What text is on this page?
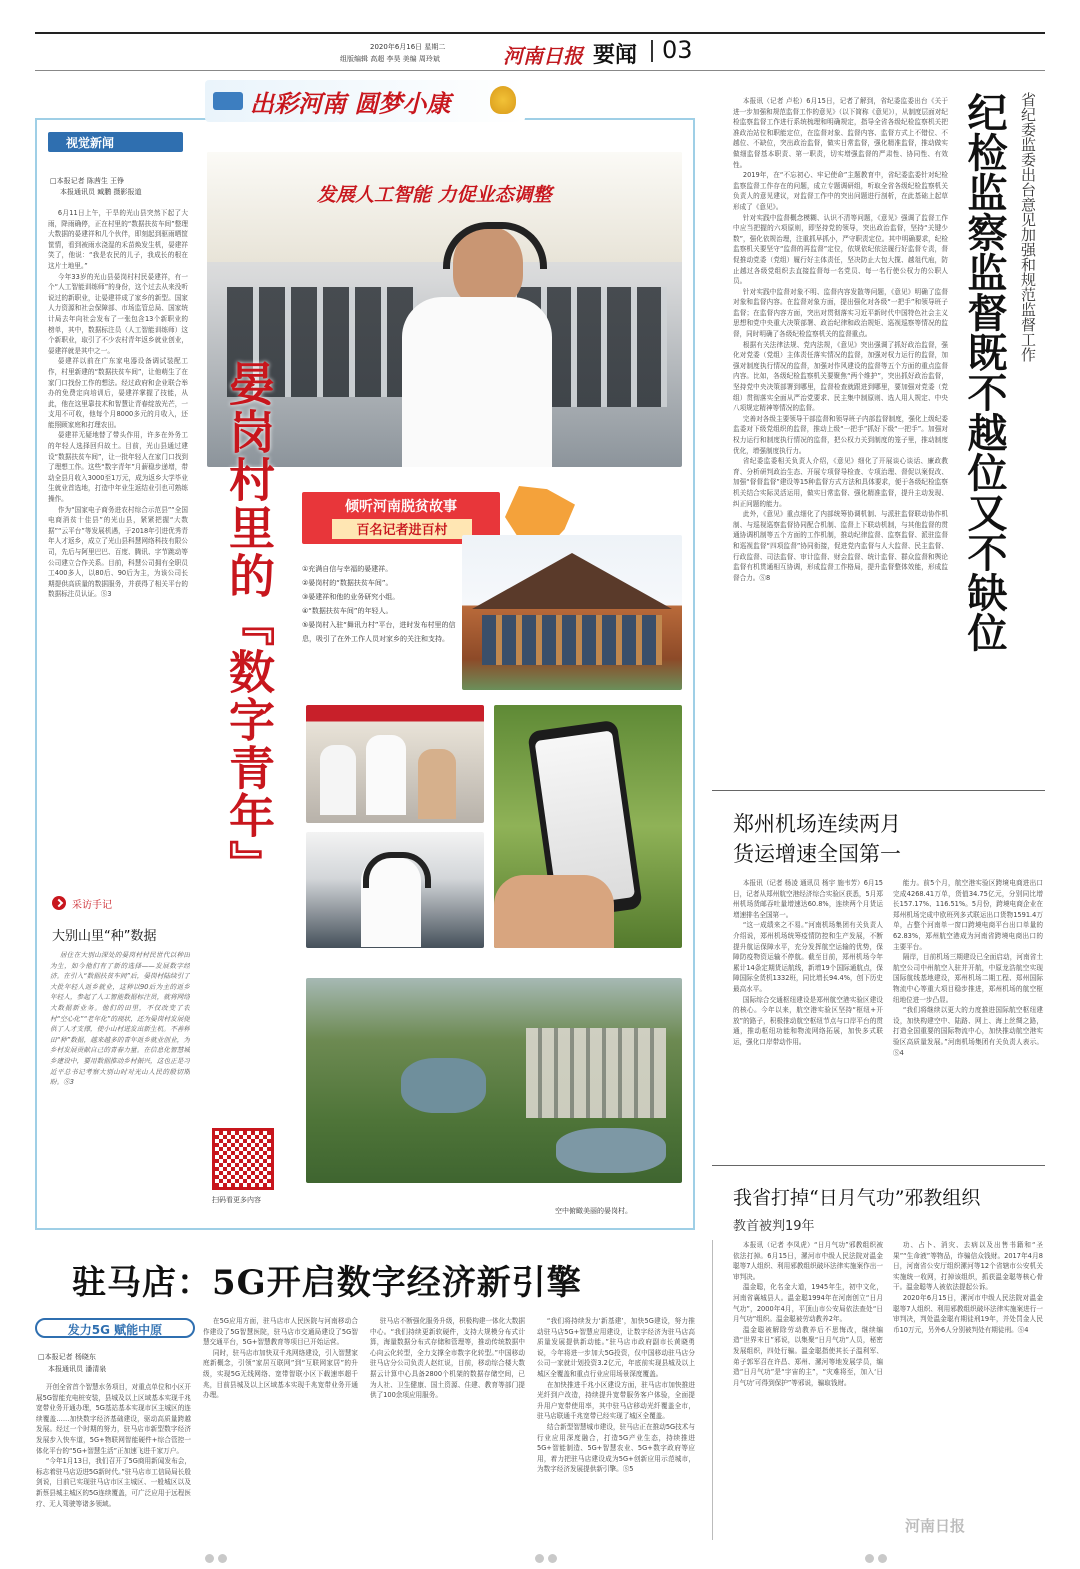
2020年6月16日 星期二
组版编辑 高超 李昊 美编 周玲斌	河南日报 要闻 03
出彩河南 圆梦小康
视觉新闻
□本报记者 陈茜生 王铮
本报通讯员 臧鹏 摄影报道

6月11日上午，干旱的光山县突然下起了大雨，降雨确停，正在村里的“数据扶贫车间”整理大数据的晏建祥和几个伙伴，即刻起到驱雨晒筐筐情，看到被雨水浇湿的禾苗焕发生机，晏建祥笑了，他说：“我是农民的儿子，我成长的根在这片土地里。”

今年33岁的光山县晏岗村村民晏建祥，有一个“人工智能训练师”的身份，这个过去从来没听说过的新职业，让晏建祥成了家乡的新型。国家人力资源和社会保障部、市场监管总局、国家统计局去年向社会发布了一张包含13个新职业的榜单，其中，数据标注员（人工智能训练师）这个新职业，取引了不少农村青年返乡就业创业，晏建祥就是其中之一。

晏建祥以前在广东家电器设备调试装配工作，村里新建的“数据扶贫车间”，让他萌生了在家门口找份工作的想法。经过政府和企业联合举办的免费定向培训后，晏建祥掌握了技能，从此，他在这里靠技术和智慧让青春绽放光芒，一支用不可收，他每个月8000多元的月收入，还能照顾家庭和打理农田。

晏建祥无疑地替了带头作用，许多在外务工的年轻人选择回归故土。目前，光山县通过建设“数据扶贫车间”，让一批年轻人在家门口找到了理想工作。这些“数字青年”月薪稳步递增，带动全县月收入3000至1万元，成为返乡大学毕业生就业首选地，打造中年业生返结业引也可熟练操作。

作为“国家电子商务进农村综合示范县”“全国电商消贫十佳县”的光山县，紧紧把握“大数据”“云平台”等发展机遇，于2018年引进优秀青年人才返乡，成立了光山县科慧网络科技有限公司，先后与阿里巴巴、百度、腾讯、字节跳动等公司建立合作关系。目前，科慧公司拥有全职员工400多人，以80后、90后为主，为该公司长期提供高质量的数据服务，并获得了相关平台的数据标注员认证。Ⓢ3

采访手记
大别山里“种”数据

居住在大别山深处的晏岗村村民世代以种田为生，如今他们有了新的选择——发展数字经济。在引入“数据扶贫车间”后，晏岗村陆续引了大批年轻人返乡就业，这种以90后为主的返乡年轻人，参起了人工智能数据标注员，就将网络大数据新业务。他们的田里，不仅改变了农村“空心化”“老年化”的现状，还为晏岗村发展提供了人才支撑，使小山村迸发出新生机。不善种田“种”数据，越来越多的青年返乡就业创业，为乡村发展贡献自己的青春力量。在信息化智慧城乡建设中，要用数据推动乡村振兴，这也正是习近平总书记考察大别山时对光山人民的殷切期盼。Ⓢ3

发展人工智能 力促业态调整
晏岗村里的『数字青年』	倾听河南脱贫故事
百名记者进百村
①充满自信与幸福的晏建祥。
②晏岗村的“数据扶贫车间”。
③晏建祥和他的业务研究小组。
④“数据扶贫车间”的年轻人。
⑤晏岗村入驻“舞讯力村”平台，进时发布村里的信息，吸引了在外工作人员对家乡的关注和支持。
空中俯瞰美丽的晏岗村。
扫码看更多内容
省纪委监委出台意见加强和规范监督工作
纪检监察监督既不越位又不缺位

本报讯（记者 卢松）6月15日，记者了解到，省纪委监委出台《关于进一步加强和规范监督工作的意见》（以下简称《意见》），从制度层面对纪检监察监督工作进行系统梳理和明确规定，指导全省各级纪检监察机关把准政治站位和职能定位，在监督对象、监督内容、监督方式上不错位、不越位、不缺位，突出政治监督，做实日常监督，强化精准监督，推动做实做细监督基本职责、第一职责，切实增强监督的严肃性、协同性、有效性。

2019年，在“不忘初心、牢记使命”主题教育中，省纪委监委针对纪检监察监督工作存在的问题，成立专题调研组，听取全省各级纪检监察机关负责人的意见建议，对监督工作中的突出问题进行剖析，在此基础上起草形成了《意见》。

针对实践中监督概念模糊、认识不清等问题，《意见》强调了监督工作中应当把握的六项原则，即坚持党的领导，突出政治监督，坚持“关键少数”，强化依规治理，注重抓早抓小，严守职责定位。其中明确要求，纪检监察机关要坚守“监督的再监督”定位，依规依纪依法履行好监督专责，督促推动党委（党组）履行好主体责任，坚决防止大包大揽、越俎代庖，防止越过各级党组织去直接监督每一名党员、每一名行使公权力的公职人员。

针对实践中监督对象不明、监督内容发散等问题，《意见》明确了监督对象和监督内容。在监督对象方面，提出强化对各级“一把手”和领导班子监督；在监督内容方面，突出对贯彻落实习近平新时代中国特色社会主义思想和党中央重大决策部署、政治纪律和政治规矩、巡视巡察等情况的监督，同时明确了各级纪检监察机关的监督重点。

根据有关法律法规、党内法规，《意见》突出强调了抓好政治监督，强化对党委（党组）主体责任落实情况的监督，加强对权力运行的监督，加强对制度执行情况的监督，加强对作风建设的监督等五个方面的重点监督内容。比如，各级纪检监察机关要聚焦“两个维护”，突出抓好政治监督，坚持党中央决策部署到哪里，监督检查就跟进到哪里，要加强对党委（党组）贯彻落实全面从严治党要求、民主集中制原则、选人用人规定、中央八项规定精神等情况的监督。

完善对各级主要领导干部监督和领导班子内部监督制度，强化上级纪委监委对下级党组织的监督，推动上级“一把手”抓好下级“一把手”。加强对权力运行和制度执行情况的监督，把公权力关到制度的笼子里，推动制度优化，增强制度执行力。

省纪委监委相关负责人介绍，《意见》细化了开展谈心谈话、廉政教育、分析研判政治生态、开展专项督导检查、专项治理、督促以案促改、加强“督督监督”建设等15种监督方式方法和具体要求，便于各级纪检监察机关结合实际灵活运用，做实日常监督、强化精准监督，提升主动发现、纠正问题的能力。

此外，《意见》重点细化了内部统筹协调机制、与派驻监督联动协作机制、与巡视巡察监督协同配合机制、监督上下联动机制，与其他监督的贯通协调机制等五个方面的工作机制，推动纪律监督、监察监督、派驻监督和巡视监督“四项监督”协同衔接，促进党内监督与人大监督、民主监督、行政监督、司法监督、审计监督、财会监督、统计监督、群众监督和舆论监督有机贯通相互协调，形成监督工作格局，提升监督整体效能，形成监督合力。Ⓢ8

郑州机场连续两月
货运增速全国第一

本报讯（记者 杨凌 通讯员 杨宇 施韦芳）6月15日，记者从郑州航空港经济综合实验区获悉，5月郑州机场货邮吞吐量增速达60.8%，连续两个月货运增速排名全国第一。

“这一成绩来之不易。”河南机场集团有关负责人介绍说，郑州机场统筹疫情防控和生产发展，不断提升航运保障水平，充分发挥航空运输的优势，保障防疫物资运输不停航。截至目前，郑州机场今年累计14条定期货运航线，新增19个国际通航点，保障国际全货机1332班，同比增长94.4%，创下历史最高水平。

国际综合交通枢纽建设是郑州航空港实验区建设的核心。今年以来，航空港实验区坚持“枢纽+开放”的路子，积极推动航空枢纽节点与口岸平台的贯通，推动枢纽功能和物流网络拓展，加快多式联运，强化口岸带动作用。

能力。前5个月，航空港实验区跨境电商进出口完成4268.41万单，货值34.75亿元，分别同比增长157.17%、116.51%。5月份，跨境电商企业在郑州机场完成中欧班列多式联运出口货物1591.4万单，占整个河南单一窗口跨境电商平台出口单量的62.83%，郑州航空港成为河南省跨境电商出口的主要平台。

隔岸，目前机场三期建设已全面启动，河南省土航空公司中州航空入驻并开航，中原龙浩航空实现国际航线基地建设，郑州机场二期工程、郑州国际物流中心等重大项目稳步推进，郑州机场的航空枢纽地位进一步凸显。

“我们将继续以更大的力度推进国际航空枢纽建设，加快构建空中、陆路、网上、海上丝绸之路，打造全国重要的国际物流中心，加快推动航空港实验区高质量发展。”河南机场集团有关负责人表示。Ⓢ4

我省打掉“日月气功”邪教组织
教首被判19年

本报讯（记者 李凤虎）“日月气功”邪教组织被依法打掉。6月15日，漯河市中级人民法院对温金聪等7人组织、利用邪教组织破坏法律实施案作出一审判决。

温金聪，化名金大道，1945年生，初中文化，河南省襄城县人。温金聪1994年在河南创立“日月气功”，2000年4月，平顶山市公安局依法查处“日月气功”组织。温金聪被劳动教养2年。

温金聪被解除劳动教养后不思悔改，继续编造“世界末日”邪说，以集聚“日月气功”人员，秘密发展组织，四处行骗。温金聪指使其长子温利军、弟子郭军召在许昌、郑州、漯河等地发展学员，编造“日月气功”是“宇宙的主”，“灾难将至，加入‘日月气功’可得到保护”等邪说，骗取钱财。

功、占卜、消灾、去病以及出售书籍和“圣果”“生命液”等物品，诈骗信众钱财。2017年4月8日，河南省公安厅组织漯河等12个省辖市公安机关实施统一收网，打掉该组织，抓获温金聪等核心骨干。温金聪等人被依法提起公诉。

2020年6月15日，漯河市中级人民法院对温金聪等7人组织、利用邪教组织破坏法律实施案进行一审判决，判处温金聪有期徒刑19年，并处罚金人民币10万元，另外6人分别被判处有期徒刑。Ⓢ4

河南日报
驻马店：5G开启数字经济新引擎
发力5G 赋能中原
□本报记者 杨晓东
本报通讯员 潘清泉

开创全省首个智慧水务项目，对重点单位和小区开展5G智能充电桩安装，县城及以上区域基本实现千兆宽带业务开通办理，5G基站基本实现市区主城区的连续覆盖……加快数字经济基础建设，驱动高质量跨越发展。经过一个时期的努力，驻马店市新型数字经济发展步入快车道，5G+物联网智能硬件+综合管控一体化平台的“5G+智慧生活”正加速飞进千家万户。

“今年1月13日，我们召开了5G商用新闻发布会，标志着驻马店迈进5G新时代。”驻马店市工信局局长殷剑说，目前已实现驻马店市区主城区、一般城区以及新蔡县城主城区的5G连续覆盖，可广泛应用于远程医疗、无人驾驶等诸多领域。

在5G应用方面，驻马店市人民医院与河南移动合作建设了5G智慧医院，驻马店市交通局建设了5G智慧交通平台，5G+智慧教育等项目已开始运营。

同时，驻马店市加快双千兆网络建设，引入智慧家庭新概念，引领“家居互联网”到“互联网家居”的升级，实现5G无线网络、宽带智联小区下载速率超千兆，目前县城及以上区域基本实现千兆宽带业务开通办理。

驻马店不断强化服务升级，积极构建一体化大数据中心。“我们持续更新软硬件，支持大规模分布式计算，海量数据分布式存储和管理等，推动传统数据中心向云化转型，全力支撑全市数字化转型。”中国移动驻马店分公司负责人赵红说，目前，移动综合楼大数据云计算中心具备2800个机架的数据存储空间，已为人社、卫生健康、国土资源、住建、教育等部门提供了100余项应用服务。

“我们将持续发力‘新基建’，加快5G建设，努力推动驻马店5G+智慧应用建设，让数字经济为驻马店高质量发展提供新动能。”驻马店市政府副市长黄晓勇说，今年将进一步加大5G投资，仅中国移动驻马店分公司一家就计划投资3.2亿元，年底前实现县城及以上城区全覆盖和重点行业应用场景深度覆盖。

在加快推进千兆小区建设方面，驻马店市加快推进光纤到户改造，持续提升宽带服务客户体验，全面提升用户宽带使用率，其中驻马店移动光纤覆盖全市，驻马店联通千兆宽带已经实现了城区全覆盖。

结合新型智慧城市建设，驻马店正在推动5G技术与行业应用深度融合，打造5G产业生态，持续推进5G+智能制造、5G+智慧农业、5G+数字政府等应用，着力把驻马店建设成为5G+创新应用示范城市，为数字经济发展提供新引擎。Ⓢ5
